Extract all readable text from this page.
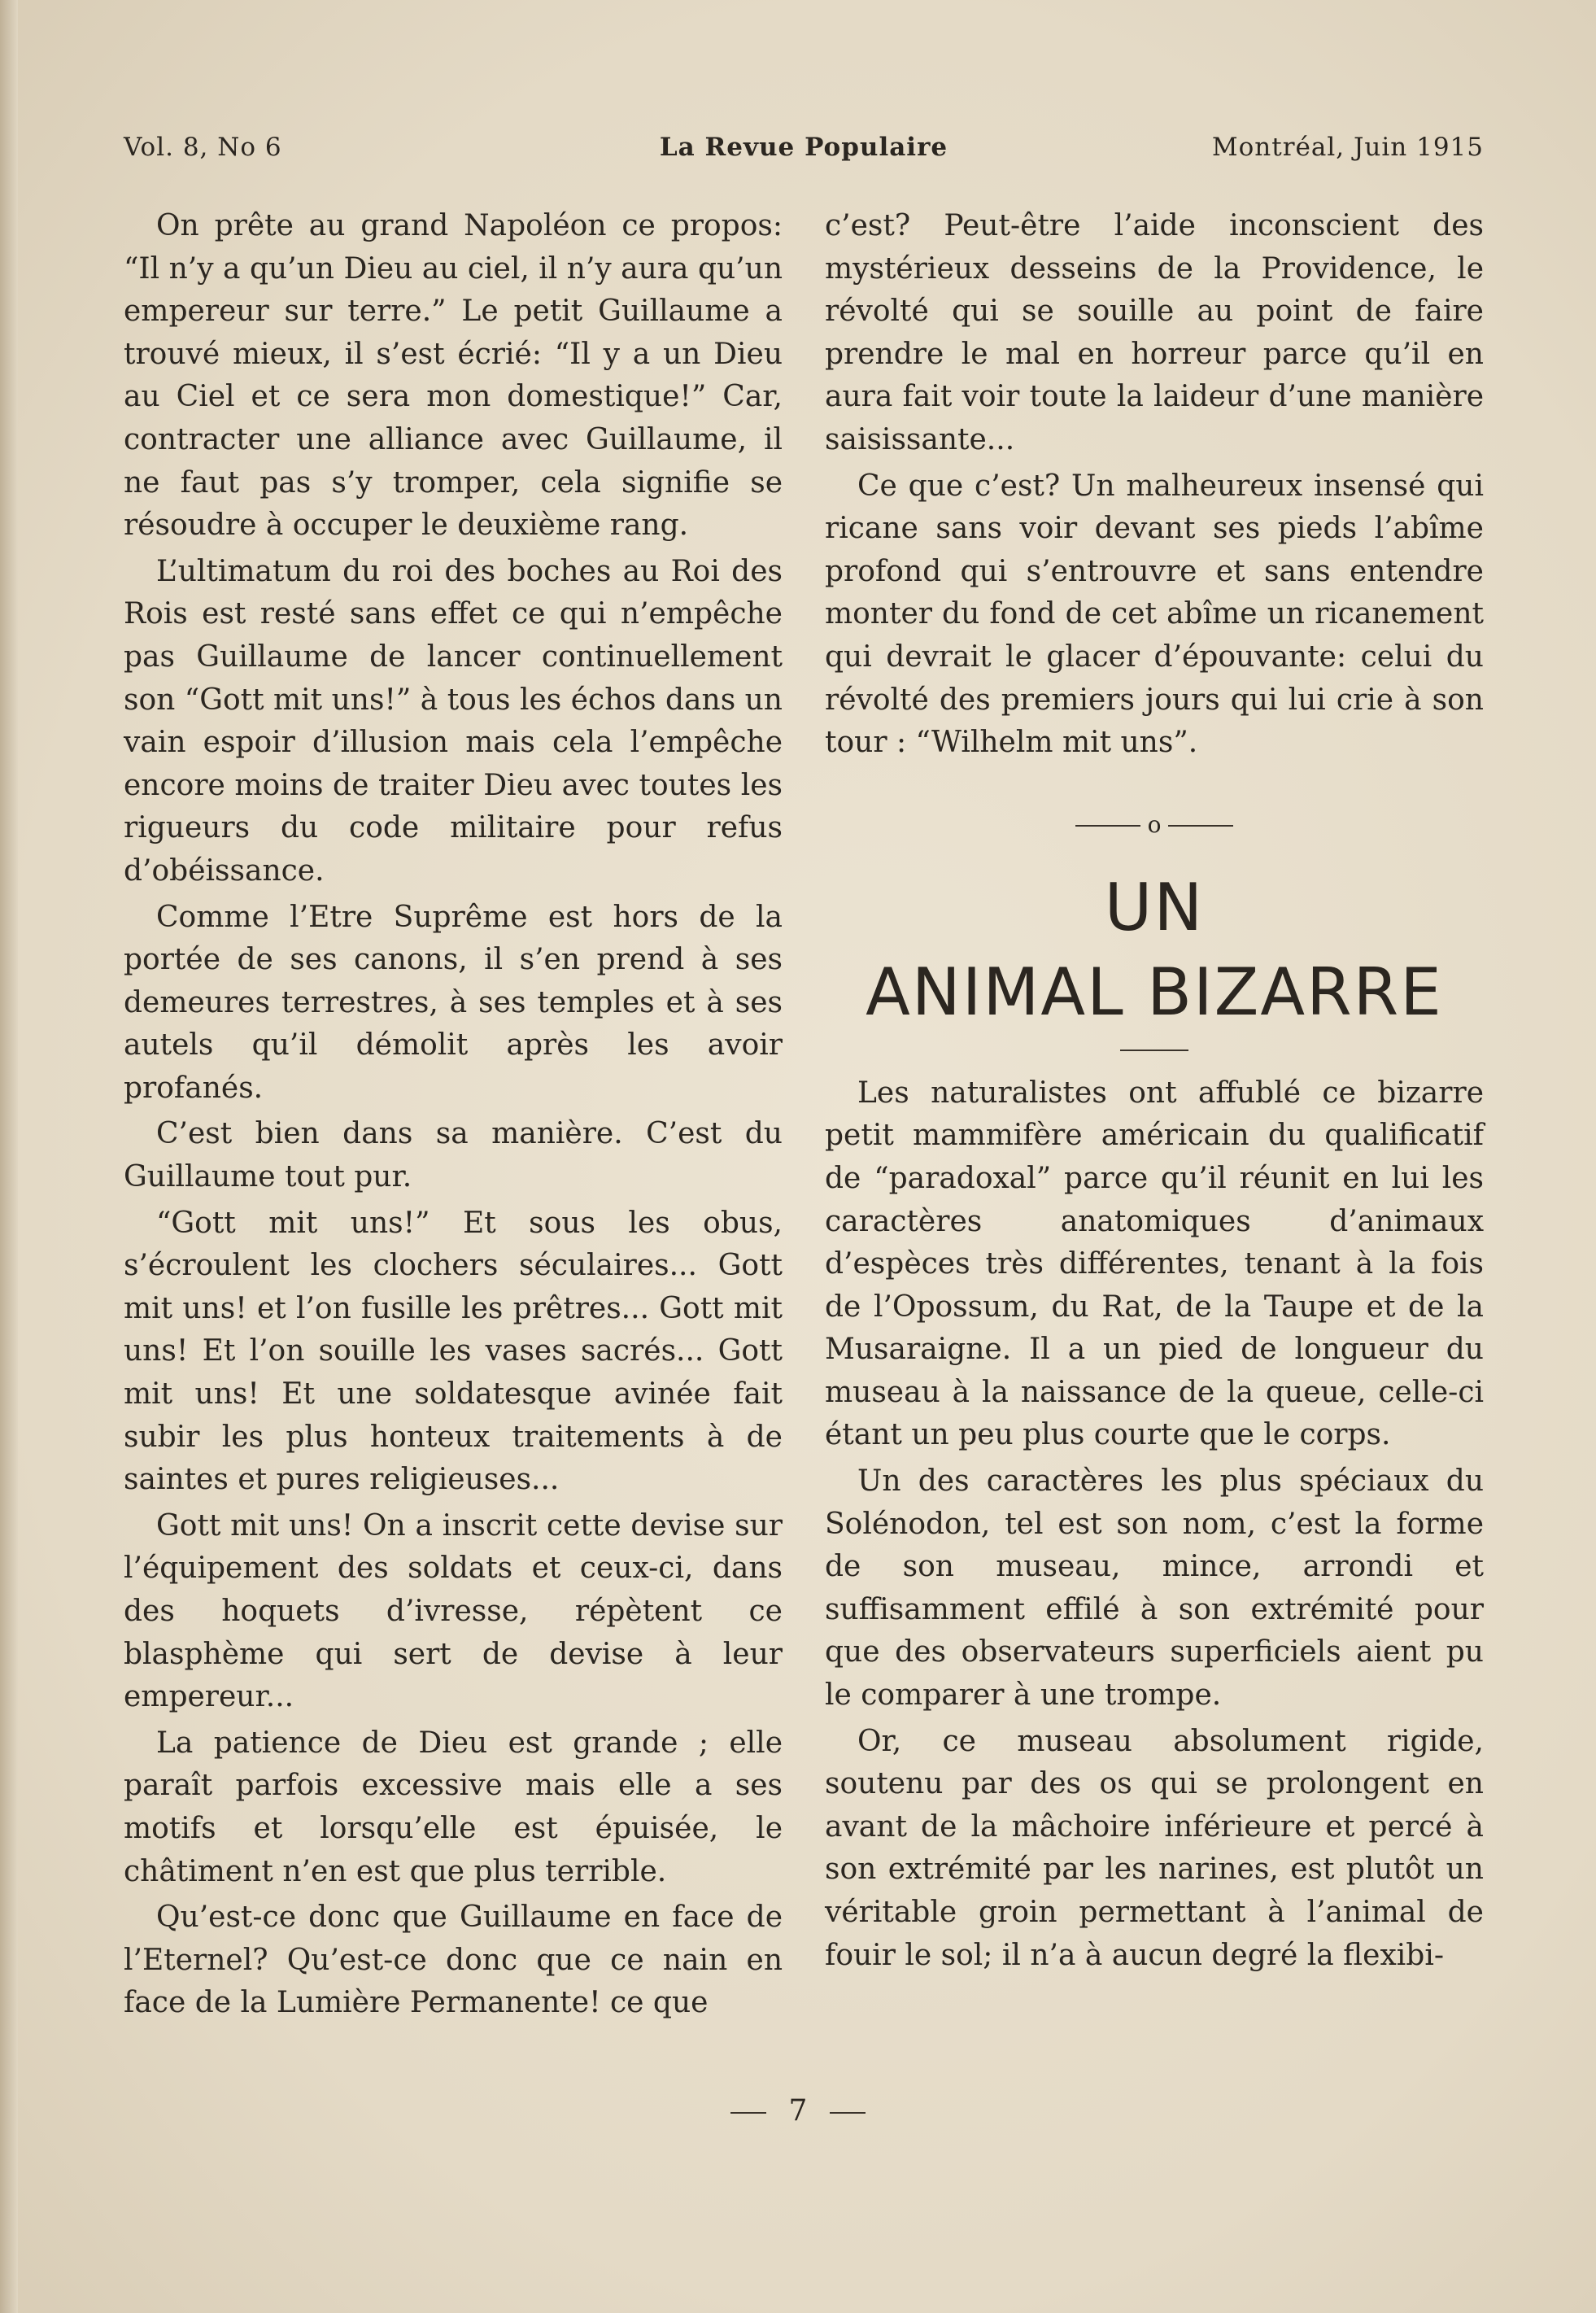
La Revue Populaire
Vol. 8, No 6	Montréal, Juin 1915

On prête au grand Napoléon ce propos: “Il n’y a qu’un Dieu au ciel, il n’y aura qu’un empereur sur terre.” Le petit Guillaume a trouvé mieux, il s’est écrié: “Il y a un Dieu au Ciel et ce sera mon domestique!” Car, contracter une alliance avec Guillaume, il ne faut pas s’y tromper, cela signifie se résoudre à occuper le deuxième rang.

L’ultimatum du roi des boches au Roi des Rois est resté sans effet ce qui n’empêche pas Guillaume de lancer continuellement son “Gott mit uns!” à tous les échos dans un vain espoir d’illusion mais cela l’empêche encore moins de traiter Dieu avec toutes les rigueurs du code militaire pour refus d’obéissance.

Comme l’Etre Suprême est hors de la portée de ses canons, il s’en prend à ses demeures terrestres, à ses temples et à ses autels qu’il démolit après les avoir profanés.

C’est bien dans sa manière. C’est du Guillaume tout pur.

“Gott mit uns!” Et sous les obus, s’écroulent les clochers séculaires... Gott mit uns! et l’on fusille les prêtres... Gott mit uns! Et l’on souille les vases sacrés... Gott mit uns! Et une soldatesque avinée fait subir les plus honteux traitements à de saintes et pures religieuses...

Gott mit uns! On a inscrit cette devise sur l’équipement des soldats et ceux-ci, dans des hoquets d’ivresse, répètent ce blasphème qui sert de devise à leur empereur...

La patience de Dieu est grande ; elle paraît parfois excessive mais elle a ses motifs et lorsqu’elle est épuisée, le châtiment n’en est que plus terrible.

Qu’est-ce donc que Guillaume en face de l’Eternel? Qu’est-ce donc que ce nain en face de la Lumière Permanente! ce que

c’est? Peut-être l’aide inconscient des mystérieux desseins de la Providence, le révolté qui se souille au point de faire prendre le mal en horreur parce qu’il en aura fait voir toute la laideur d’une manière saisissante...

Ce que c’est? Un malheureux insensé qui ricane sans voir devant ses pieds l’abîme profond qui s’entrouvre et sans entendre monter du fond de cet abîme un ricanement qui devrait le glacer d’épouvante: celui du révolté des premiers jours qui lui crie à son tour : “Wilhelm mit uns”.

o
UN
ANIMAL BIZARRE

Les naturalistes ont affublé ce bizarre petit mammifère américain du qualificatif de “paradoxal” parce qu’il réunit en lui les caractères anatomiques d’animaux d’espèces très différentes, tenant à la fois de l’Opossum, du Rat, de la Taupe et de la Musaraigne. Il a un pied de longueur du museau à la naissance de la queue, celle-ci étant un peu plus courte que le corps.

Un des caractères les plus spéciaux du Solénodon, tel est son nom, c’est la forme de son museau, mince, arrondi et suffisamment effilé à son extrémité pour que des observateurs superficiels aient pu le comparer à une trompe.

Or, ce museau absolument rigide, soutenu par des os qui se prolongent en avant de la mâchoire inférieure et percé à son extrémité par les narines, est plutôt un véritable groin permettant à l’animal de fouir le sol; il n’a à aucun degré la flexibi-

7
